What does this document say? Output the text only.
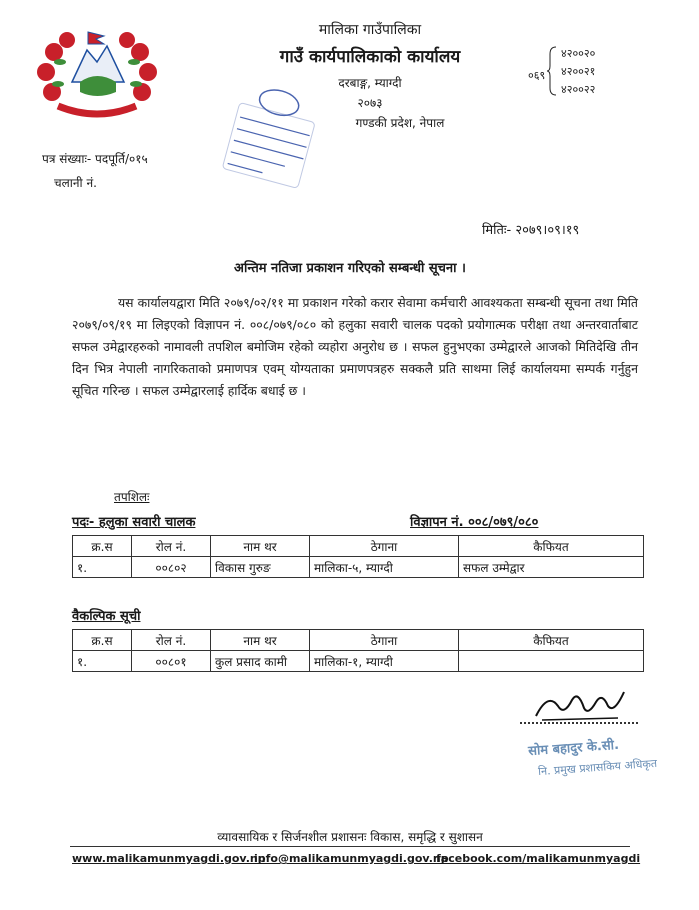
मालिका गाउँपालिका
गाउँ कार्यपालिकाको कार्यालय
दरबाङ्ग, म्याग्दी
२०७३
गण्डकी प्रदेश, नेपाल
०६९
४२००२०
४२००२१
४२००२२
पत्र संख्याः- पदपूर्ति/०१५
चलानी नं.
मितिः- २०७९।०९।१९
अन्तिम नतिजा प्रकाशन गरिएको सम्बन्धी सूचना ।
यस कार्यालयद्वारा मिति २०७९/०२/११ मा प्रकाशन गरेको करार सेवामा कर्मचारी आवश्यकता सम्बन्धी सूचना तथा मिति २०७९/०९/१९ मा लिइएको विज्ञापन नं. ००८/०७९/०८० को हलुका सवारी चालक पदको प्रयोगात्मक परीक्षा तथा अन्तरवार्ताबाट सफल उमेद्वारहरुको नामावली तपशिल बमोजिम रहेको व्यहोरा अनुरोध छ । सफल हुनुभएका उम्मेद्वारले आजको मितिदेखि तीन दिन भित्र नेपाली नागरिकताको प्रमाणपत्र एवम् योग्यताका प्रमाणपत्रहरु सक्कलै प्रति साथमा लिई कार्यालयमा सम्पर्क गर्नुहुन सूचित गरिन्छ । सफल उम्मेद्वारलाई हार्दिक बधाई छ ।
तपशिलः
पदः- हलुका सवारी चालक	विज्ञापन नं. ००८/०७९/०८०
क्र.स	रोल नं.	नाम थर	ठेगाना	कैफियत
१.	००८०२	विकास गुरुङ	मालिका-५, म्याग्दी	सफल उम्मेद्वार
वैकल्पिक सूची
क्र.स	रोल नं.	नाम थर	ठेगाना	कैफियत
१.	००८०१	कुल प्रसाद कामी	मालिका-१, म्याग्दी	
सोम बहादुर के.सी.
नि. प्रमुख प्रशासकिय अधिकृत
व्यावसायिक र सिर्जनशील प्रशासनः विकास, समृद्धि र सुशासन
www.malikamunmyagdi.gov.np
info@malikamunmyagdi.gov.np
facebook.com/malikamunmyagdi
